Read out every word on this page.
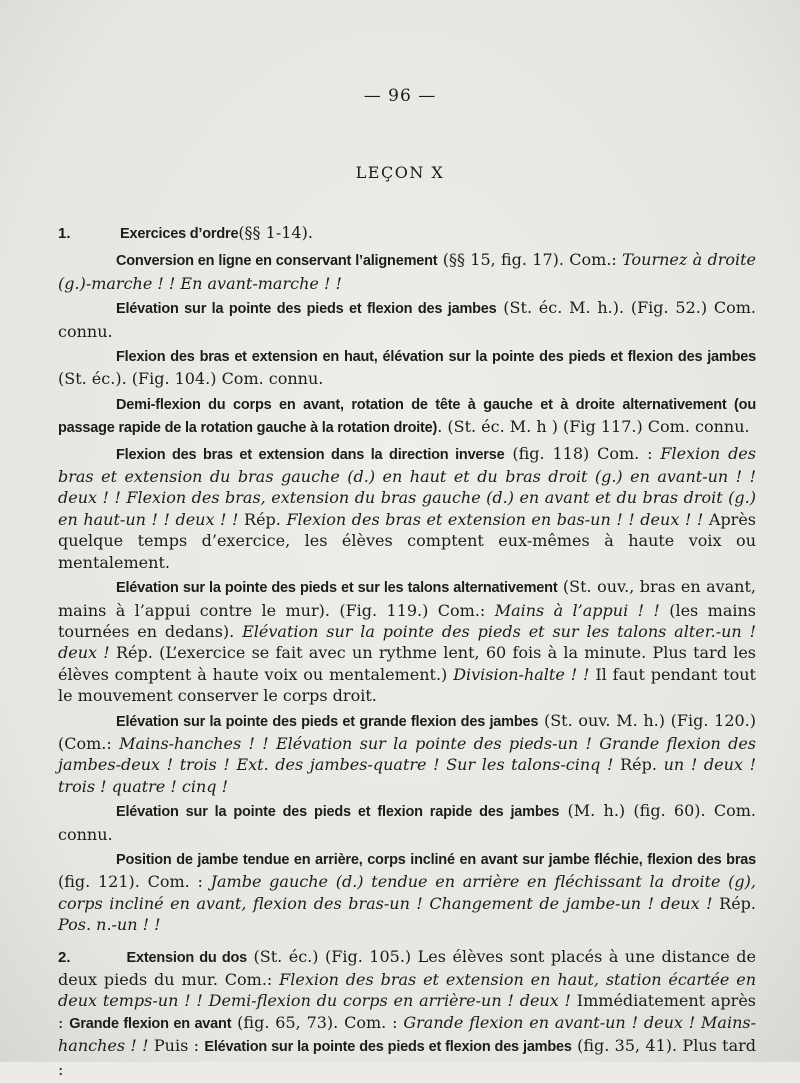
— 96 —
LEÇON X
1.	Exercices d’ordre (§§ 1-14).

Conversion en ligne en conservant l’alignement (§§ 15, fig. 17). Com.: Tournez à droite (g.)-marche ! ! En avant-marche ! !

Elévation sur la pointe des pieds et flexion des jambes (St. éc. M. h.). (Fig. 52.) Com. connu.

Flexion des bras et extension en haut, élévation sur la pointe des pieds et flexion des jambes (St. éc.). (Fig. 104.) Com. connu.

Demi-flexion du corps en avant, rotation de tête à gauche et à droite alternativement (ou passage rapide de la rotation gauche à la rotation droite). (St. éc. M. h ) (Fig 117.) Com. connu.

Flexion des bras et extension dans la direction inverse (fig. 118) Com. : Flexion des bras et extension du bras gauche (d.) en haut et du bras droit (g.) en avant-un ! ! deux ! ! Flexion des bras, extension du bras gauche (d.) en avant et du bras droit (g.) en haut-un ! ! deux ! ! Rép. Flexion des bras et extension en bas-un ! ! deux ! ! Après quelque temps d’exercice, les élèves comptent eux-mêmes à haute voix ou mentalement.

Elévation sur la pointe des pieds et sur les talons alternativement (St. ouv., bras en avant, mains à l’appui contre le mur). (Fig. 119.) Com.: Mains à l’appui ! ! (les mains tournées en dedans). Elévation sur la pointe des pieds et sur les talons alter.-un ! deux ! Rép. (L’exercice se fait avec un rythme lent, 60 fois à la minute. Plus tard les élèves comptent à haute voix ou mentalement.) Division-halte ! ! Il faut pendant tout le mouvement conserver le corps droit.

Elévation sur la pointe des pieds et grande flexion des jambes (St. ouv. M. h.) (Fig. 120.) (Com.: Mains-hanches ! ! Elévation sur la pointe des pieds-un ! Grande flexion des jambes-deux ! trois ! Ext. des jambes-quatre ! Sur les talons-cinq ! Rép. un ! deux ! trois ! quatre ! cinq !

Elévation sur la pointe des pieds et flexion rapide des jambes (M. h.) (fig. 60). Com. connu.

Position de jambe tendue en arrière, corps incliné en avant sur jambe fléchie, flexion des bras (fig. 121). Com. : Jambe gauche (d.) tendue en arrière en fléchissant la droite (g), corps incliné en avant, flexion des bras-un ! Changement de jambe-un ! deux ! Rép. Pos. n.-un ! !

2.	Extension du dos (St. éc.) (Fig. 105.) Les élèves sont placés à une distance de deux pieds du mur. Com.: Flexion des bras et extension en haut, station écartée en deux temps-un ! ! Demi-flexion du corps en arrière-un ! deux ! Immédiatement après : Grande flexion en avant (fig. 65, 73). Com. : Grande flexion en avant-un ! deux ! Mains-hanches ! ! Puis : Elévation sur la pointe des pieds et flexion des jambes (fig. 35, 41). Plus tard :
